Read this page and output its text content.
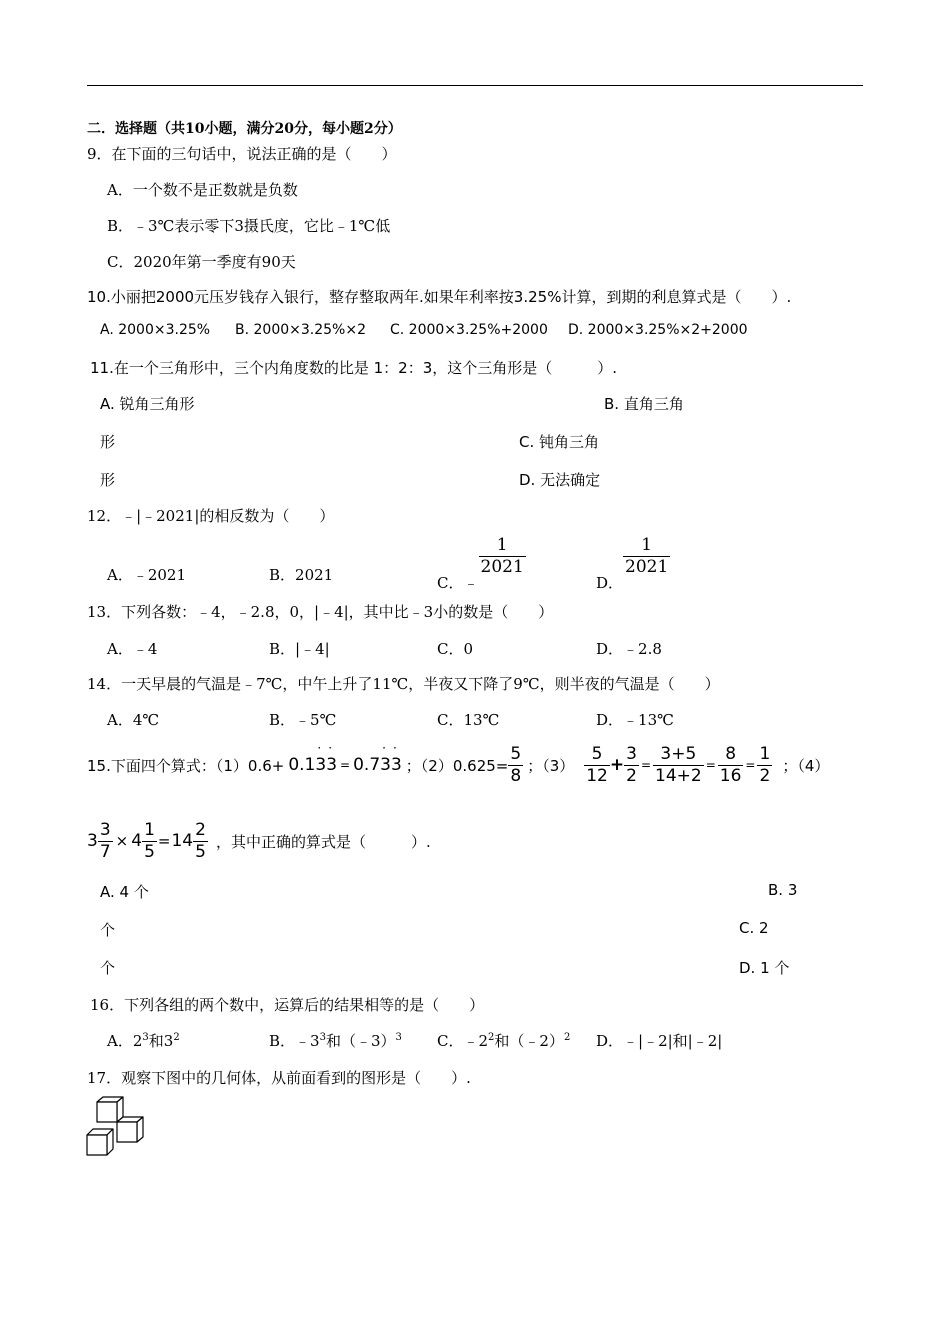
二．选择题（共10小题，满分20分，每小题2分）
9．在下面的三句话中，说法正确的是（　　）
A．一个数不是正数就是负数
B．﹣3℃表示零下3摄氏度，它比﹣1℃低
C．2020年第一季度有90天
10.小丽把2000元压岁钱存入银行，整存整取两年.如果年利率按3.25%计算，到期的利息算式是（　　）.
A. 2000×3.25% B. 2000×3.25%×2 C. 2000×3.25%+2000 D. 2000×3.25%×2+2000
11.在一个三角形中，三个内角度数的比是 1：2：3，这个三角形是（　　　）.
A. 锐角三角形	B. 直角三角
形	C. 钝角三角
形	D. 无法确定
12．﹣|﹣2021|的相反数为（　　）
A．﹣2021	B．2021	C．﹣
$\frac{1}{2021}$
D．
$\frac{1}{2021}$
13．下列各数：﹣4，﹣2.8，0，|﹣4|，其中比﹣3小的数是（　　）
A．﹣4	B．|﹣4|	C．0	D．﹣2.8
14．一天早晨的气温是﹣7℃，中午上升了11℃，半夜又下降了9℃，则半夜的气温是（　　）
A．4℃	B．﹣5℃	C．13℃	D．﹣13℃
15.下面四个算式：（1）0.6+ 0.1· 3· 3 = 0.7· 3· 3 ；$(2)0.625= \frac{5}{8}$ ；$(3) \frac{5}{12} + \frac{3}{2} = \frac{3+5}{14+2} = \frac{8}{16} = \frac{1}{2}$ ；（4）
$3 \frac{3}{7} \times 4 \frac{1}{5} = 14 \frac{2}{5}$ ，其中正确的算式是（　　　）.
A. 4 个	B. 3
个	C. 2
个	D. 1 个
16．下列各组的两个数中，运算后的结果相等的是（　　）
A．$2^3$和$3^2$	B．$﹣3^3$和（﹣3）$^3$ C．$﹣2^2$和（﹣2）$^2$ D．﹣|﹣2|和|﹣2|
17．观察下图中的几何体，从前面看到的图形是（　　）.
